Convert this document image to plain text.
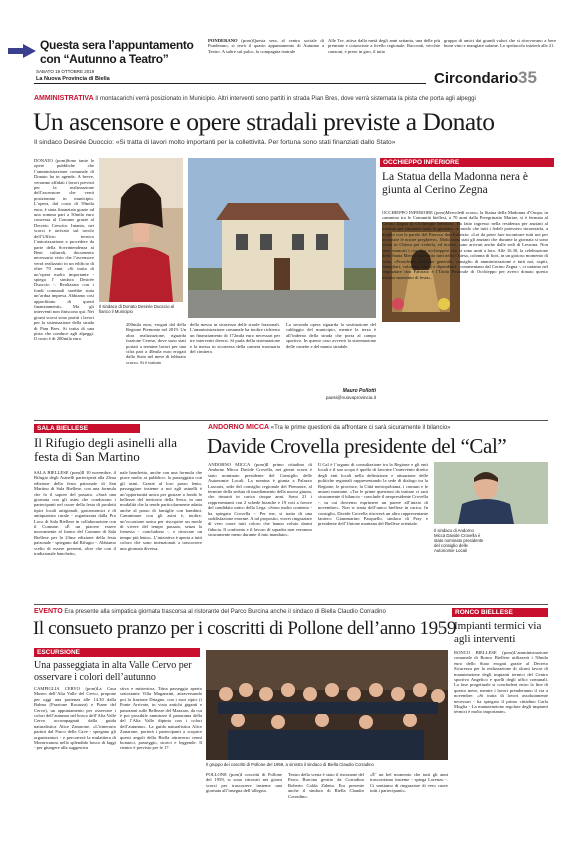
Questa sera l’appuntamento
con “Autunno a Teatro”
PONDERANO (pom)Questa sera, al centro sociale di Ponderano, si terrà il quarto appuntamento di Autunno a Teatro. A salire sul palco, la compagnia teatrale
Alle Tre, attiva dalla metà degli anni settanta, una delle più premiate e conosciute a livello regionale. Racconti, vecchie canzoni, e prese in giro, il tutto
gruppo di amici dai grandi valori che si ritrovavano a bere buon vino e mangiare salame. Lo spettacolo inizierà alle 21.
SABATO 19 OTTOBRE 2019
La Nuova Provincia di Biella	Circondario 35
AMMINISTRATIVA Il montacarichi verrà posizionato in Municipio. Altri interventi sono partiti in strada Pian Bres, dove verrà sistemata la pista che porta agli alpeggi
Un ascensore e opere stradali previste a Donato
Il sindaco Desirée Duoccio: «Si tratta di lavori molto importanti per la collettività. Per fortuna sono stati finanziati dallo Stato»
DONATO (pom)Sono tante le opere pubbliche che l’amministrazione comunale di Donato ha in agenda. A breve, verranno affidati i lavori previsti per la realizzazione dell’ascensore che verrà posizionato in municipio. L’opera, dal costo di 59mila euro, è stata finanziata grazie ad una somma pari a 50mila euro concessa al Comune grazie al Decreto Crescita. Intanto, nei scorsi è arrivato sul tavolo dell’Ufficio tecnico l’autorizzazione a procedere da parte della Sovrintendenza ai Beni culturali, documento necessario visto che l’ascensore verrà realizzato in un edificio di oltre 70 anni. «Si tratta di un’opera molto importante - spiega l’ sindaco Desirée Duoccio -. Realizzata con i fondi comunali sarebbe stata un’ardua impresa. Abbiamo così approfittato di questi finanziamenti». Ma gli interventi non finiscono qui. Nei giorni scorsi sono partiti i lavori per la sistemazione della strada di Pian Bres. Si tratta di una pista che conduce agli alpeggi. Il costo è di 200mila euro.
Il sindaco di Donato Desirée Duoccio al fianco il Municipio
200mila euro, erogati dal della Regione Piemonte nel 2019. Un altra realizzazione, riguarda frazione Cerese, dove sono stati portati a termine lavori per una cifra pari a 40mila euro erogati dallo Stato nel mese di febbraio scorso. Si è trattato
della messa in sicurezza delle strade frazionali. L’amministrazione comunale ha inoltre richiesto un finanziamento di 172mila euro necessari per tre interventi diversi. Si parla della sistemazione e la messa in sicurezza della camera mortuaria del cimitero.
La seconda opera riguarda la sostituzione del cablaggio del municipio, mentre la terza è all’inderno della strada che porta al campo sportivo. In questo caso avverrà la sistemazione delle cunette e del manto stradale.
Mauro Pollotti
paesi@nuovaprovincia.it
OCCHIEPPO INFERIORE
La Statua della Madonna nera è giunta al Cerino Zegna
OCCHIEPPO INFERIORE (pom)Mercoledì scorso, la Statua della Madonna d’Oropa, in cammino tra le Comunità biellesi, a 70 anni dalla Peregrinatio Mariae, si è fermata al Cerino Zegna di Occhieppo Inferiore. Ha fatto ingresso nella residenza per anziani al mattino per rimanere tutta la giornata, in modo che tutti i fedeli potessero incontrarla, a meglio con le parole del Parroco don Fabrizio: «Lei da poter fare incontrare tutti noi per accostare le nostre preghiere». Molti sono stati gli anziani che durante la giornata si sono recati in Chiesa per vederla, ed invece, sono arrivati anche dalle sedi di Lessona. Non sono mancati i cittadini occhieppesi che si sono uniti a loro. Alle 16.30, la celebrazione della Santa Messa, ha riunito tutti nella Chiesa, colonna di fiori, in un gioioso momento di festa. «Presidente, direttore generale, consiglio di amministrazione e tutti noi, ospiti, famigliari, volontari, amici e dipendenti - commentano dal Cerino Zegna -, ci uniamo nel ringraziare don Fabrizio e l’Unità Pastorale di Occhieppo per averci donato questo intenso momento di festa».
SALA BIELLESE
Il Rifugio degli asinelli alla festa di San Martino
SALA BIELLESE (pom)Il 10 novembre, il Rifugio degli Asinelli parteciperà alla 23ma edizione della festa patronale di San Martino di Sala Biellese, con una formula che fa il sapore del passato. «Sarà una giornata con gli asini che conducono i partecipanti nel cuore della festa di prodotti tipici locali artigianali, gastronomici e di antiquariato rurale - organizzata dalla Pro Loco di Sala Biellese in collaborazione con il Comune. «È un piacere essere nuovamente al fianco del Comune di Sala Biellese per la 23ma edizione della festa patronale - spiegano dal Rifugio -. Abbiamo scelto di essere presenti, oltre che con il tradizionale banchetto,
nale banchetto, anche con una formula che piace molto ai pubblico: la passeggiata con gli asini. Grazie al loro passo lento, passeggiare insieme a noi agli asinelli è un’opportunità unica per gustare a fondo le bellezze del territorio della Serra, in una modalità che la rende particolarmente adatta anche al passo di famiglie con bambini. Camminare con gli asini è, inoltre, un’occasione unica per riscoprire un modo di vivere del tempo passato, senza la frenesia - concludono -, e ritrovare un tempo più lento». L’iniziativa è aperta a tutti coloro che sono intenzionati a trascorrere una giornata diversa.
ANDORNO MICCA «Tra le prime questioni da affrontare ci sarà sicuramente il bilancio»
Davide Crovella presidente del “Cal”
ANDORNO MICCA (pom)Il primo cittadino di Andorno Micca Davide Crovella, nei giorni scorsi è stato nominato presidente del Consiglio delle Autonomie Locali. La nomina è giunta a Palazzo Lascaris, sede del consiglio regionale del Piemonte, al termine della seduta di insediamento della nuova giunta, che rimarrà in carica cinque anni. Sono 21 i rappresentanti con 2 schede bianche e 19 voti a favore del candidato unico della Lega. «Sono molto contento - ha spiegato Crovella -. Per me, si tratta di una soddisfazione enorme. A tal proposito, vorrei ringraziare di vero cuore tutti coloro che hanno voluto darmi fiducia. Il confronto e il lavoro di squadra non verranno sicuramente meno durante il mio mandato».
Il Cal è l’organo di consultazione tra la Regione e gli enti locali e il suo scopo è quello di favorire l’intervento diretto degli enti locali nella definizione e attuazione delle politiche regionali rappresentando la sede di dialogo tra la Regione, le province, la Città metropolitana, i comuni e le unioni montane. «Tra le prime questioni da trattare ci sarà sicuramente il bilancio - conclude il neopresidente Crovella -, su cui dovremo esprimere un parere all’inizio di novembre». Non si tratta dell’unico biellese in carica. In consiglio, Davide Crovella ritroverà un altro rappresentante laniero: Giammarino Pasquello, sindaco di Pray e presidente dell’Unione montana del Biellese orientale.
Il sindaco di Andorno Micca Davide Crovella è stato nominato presidente del consiglio delle Autonomie Locali
EVENTO Era presente alla simpatica giornata trascorsa al ristorante del Parco Burcina anche il sindaco di Biella Claudio Corradino
Il consueto pranzo per i coscritti di Pollone dell’anno 1959
Il gruppo dei coscritti di Pollone del 1959, a sinistra il sindaco di Biella Claudio Corradino
POLLONE (pom)I coscritti di Pollone del 1959, si sono ritrovati nei giorni scorsi per trascorrere insieme una giornata all’insegna dell’allegria.
Teatro della scena è stato il ristorante del Parco Burcina gestito da Corradino Roberto Colda Zabeta. Era presente anche il sindaco di Biella Claudio Corradino.
«È’ un bel momento che tutti gli anni trascorriamo insieme - spiega Lorenzo -. Ci sentiamo di ringraziare di vero cuore tutti i partecipanti».
ESCURSIONE
Una passeggiata in alta Valle Cervo per osservare i colori dell’autunno
CAMPIGLIA CERVO (pom)La Casa Museo dell’Alta Valle del Cervo, propone per oggi una partenza alle 14.30 dalla Balma (Frazione Rosazza) e Piane del Cervo), un appuntamento per osservare i colori dell’autunno nel bosco dell’Alta Valle Cervo accompagnati dalla guida naturalistica Alice Zanarone. «L’itinerario partirà dal Parco delle Cave - spiegano gli organizzatori - e percorrerà la mulattiera di Montricanosi nello splendido bosco di faggi - per giungere alla suggestiva
stiva e misteriosa. Trìna passeggio aperto sottostante Villa Maganzini, attraversando poi la frazione Driagno, con i suoi ripici (i Ponte Arrivate, in vista antichi giganti e panorami sulle Bellezze del Mazzaro, da cui è poi possibile ammirare il panorama della del l’Alta Valle dipinta con i colori dell’autunno». La guida naturalistica Alice Zanarone, porterà i partecipanti a scoprire questi angoli della Biella attraverso cenni botanici, passeggio, storici e leggende. Il rientro è previsto per le 17.
RONCO BIELLESE
Impianti termici via agli interventi
RONCO BIELLESE (pom)L’amministrazione comunale di Ronco Biellese utilizzerà i 50mila euro dello Stato erogati grazie al Decreto Sicurezza per la realizzazione di alcuni lavori di manutenzione degli impianti termici del Centro sportivo Angelico e quelli degli uffici comunali. La fase progettuale si concluderà entro la fine di questo mese, mentre i lavori prenderanno il via a novembre. «Si tratta di lavori assolutamente necessari - ha spiegato il primo cittadino Carla Moglia - La manutenzione regolare degli impianti termici è molto importante».
